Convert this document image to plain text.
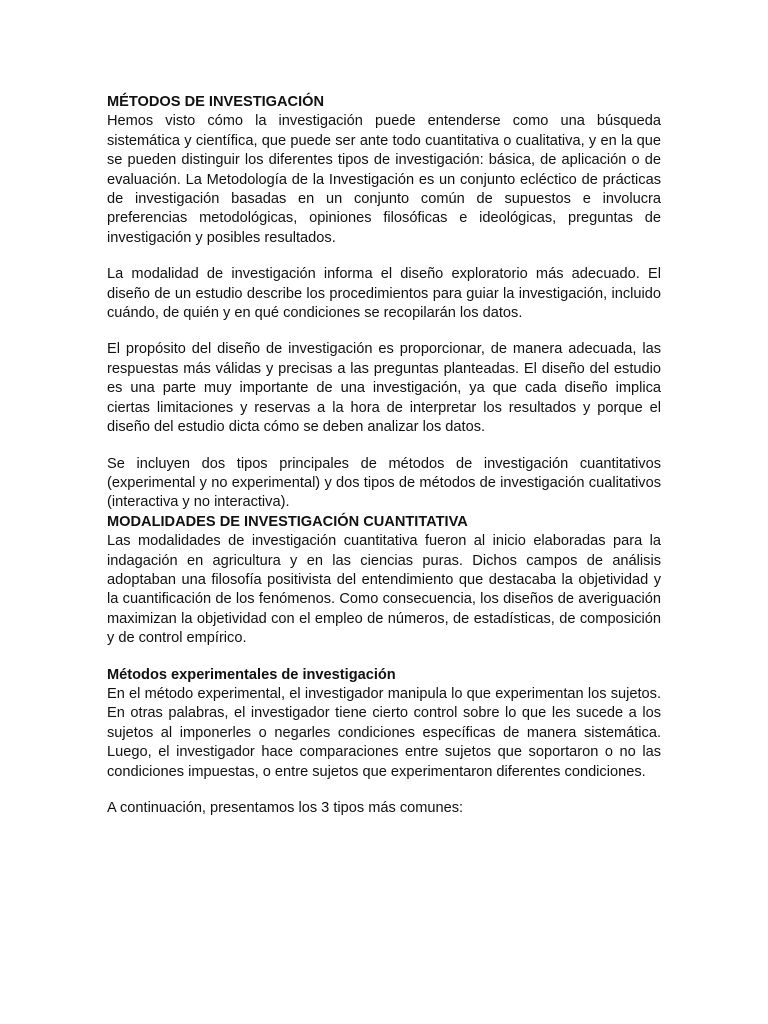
MÉTODOS DE INVESTIGACIÓN

Hemos visto cómo la investigación puede entenderse como una búsqueda sistemática y científica, que puede ser ante todo cuantitativa o cualitativa, y en la que se pueden distinguir los diferentes tipos de investigación: básica, de aplicación o de evaluación. La Metodología de la Investigación es un conjunto ecléctico de prácticas de investigación basadas en un conjunto común de supuestos e involucra preferencias metodológicas, opiniones filosóficas e ideológicas, preguntas de investigación y posibles resultados.

La modalidad de investigación informa el diseño exploratorio más adecuado. El diseño de un estudio describe los procedimientos para guiar la investigación, incluido cuándo, de quién y en qué condiciones se recopilarán los datos.

El propósito del diseño de investigación es proporcionar, de manera adecuada, las respuestas más válidas y precisas a las preguntas planteadas. El diseño del estudio es una parte muy importante de una investigación, ya que cada diseño implica ciertas limitaciones y reservas a la hora de interpretar los resultados y porque el diseño del estudio dicta cómo se deben analizar los datos.

Se incluyen dos tipos principales de métodos de investigación cuantitativos (experimental y no experimental) y dos tipos de métodos de investigación cualitativos (interactiva y no interactiva).

MODALIDADES DE INVESTIGACIÓN CUANTITATIVA

Las modalidades de investigación cuantitativa fueron al inicio elaboradas para la indagación en agricultura y en las ciencias puras. Dichos campos de análisis adoptaban una filosofía positivista del entendimiento que destacaba la objetividad y la cuantificación de los fenómenos. Como consecuencia, los diseños de averiguación maximizan la objetividad con el empleo de números, de estadísticas, de composición y de control empírico.

Métodos experimentales de investigación

En el método experimental, el investigador manipula lo que experimentan los sujetos. En otras palabras, el investigador tiene cierto control sobre lo que les sucede a los sujetos al imponerles o negarles condiciones específicas de manera sistemática. Luego, el investigador hace comparaciones entre sujetos que soportaron o no las condiciones impuestas, o entre sujetos que experimentaron diferentes condiciones.

A continuación, presentamos los 3 tipos más comunes:
